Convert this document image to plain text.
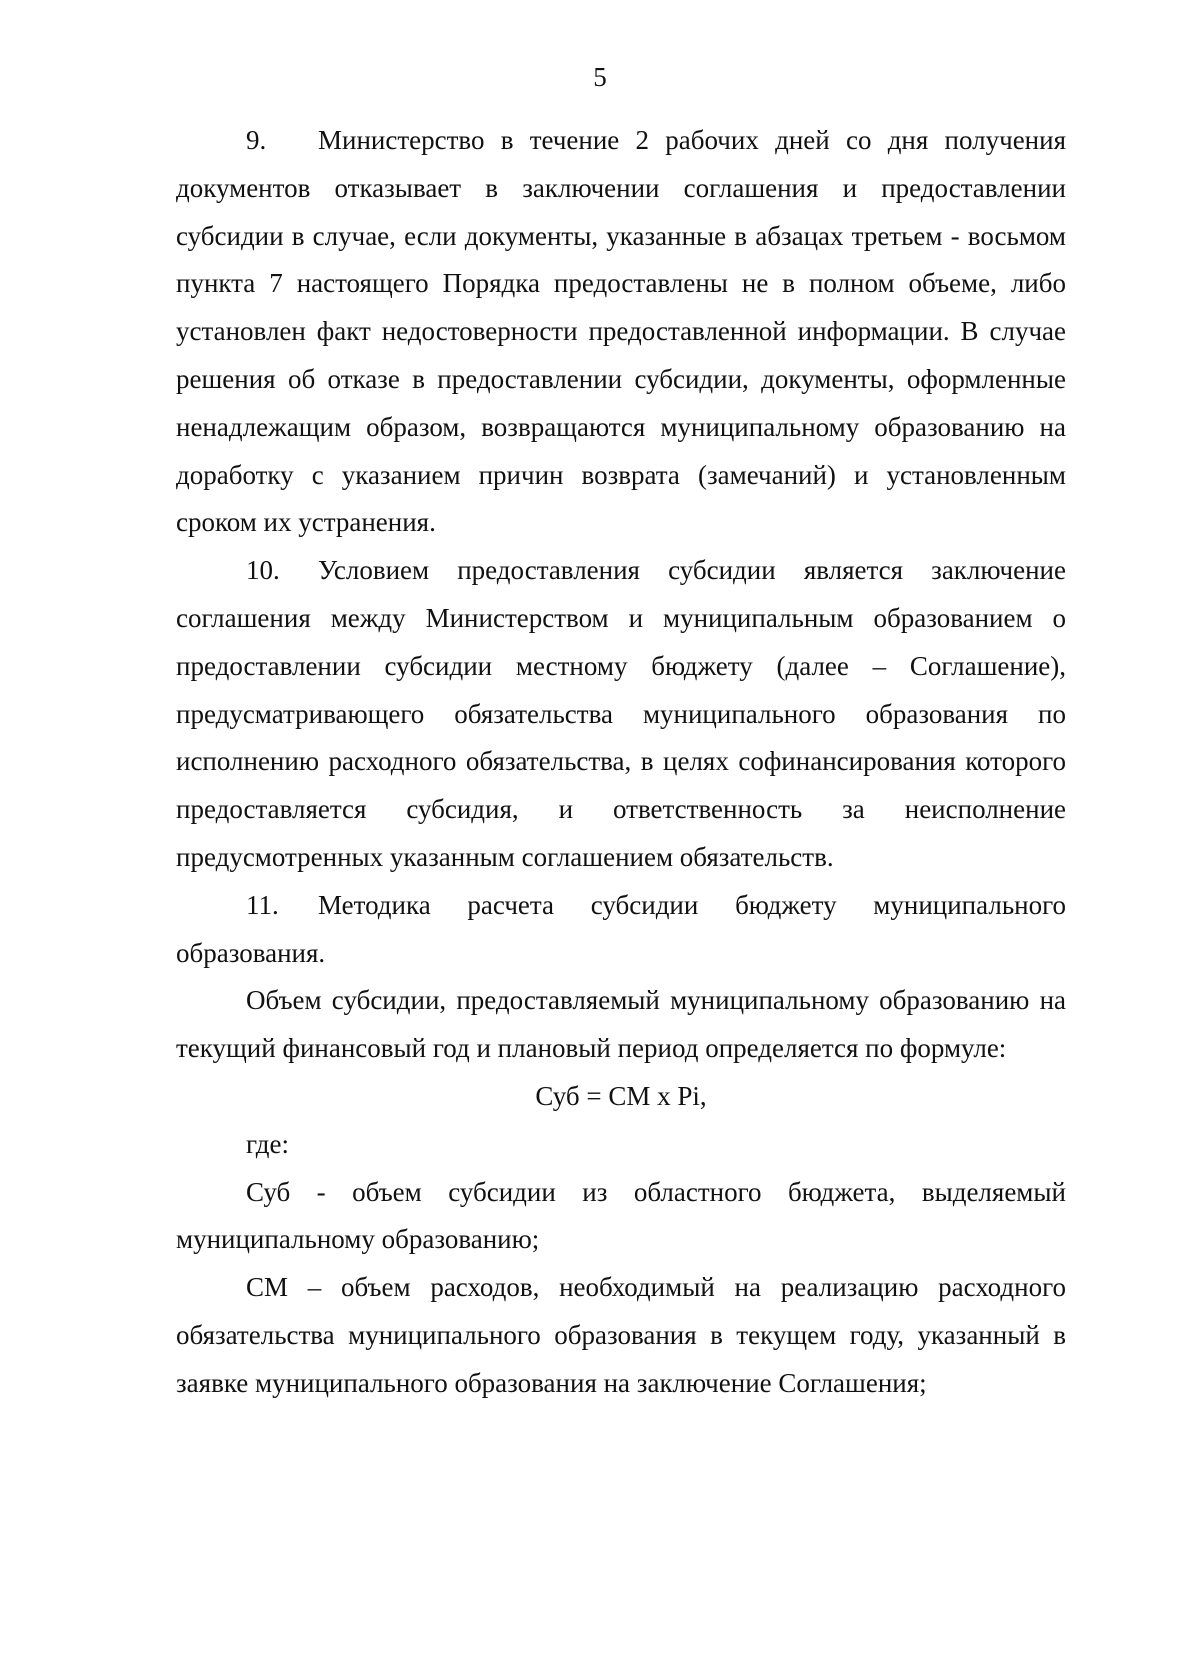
5

9. Министерство в течение 2 рабочих дней со дня получения документов отказывает в заключении соглашения и предоставлении субсидии в случае, если документы, указанные в абзацах третьем - восьмом пункта 7 настоящего Порядка предоставлены не в полном объеме, либо установлен факт недостоверности предоставленной информации. В случае решения об отказе в предоставлении субсидии, документы, оформленные ненадлежащим образом, возвращаются муниципальному образованию на доработку с указанием причин возврата (замечаний) и установленным сроком их устранения.

10. Условием предоставления субсидии является заключение соглашения между Министерством и муниципальным образованием о предоставлении субсидии местному бюджету (далее – Соглашение), предусматривающего обязательства муниципального образования по исполнению расходного обязательства, в целях софинансирования которого предоставляется субсидия, и ответственность за неисполнение предусмотренных указанным соглашением обязательств.

11. Методика расчета субсидии бюджету муниципального образования.

Объем субсидии, предоставляемый муниципальному образованию на текущий финансовый год и плановый период определяется по формуле:

Суб = СМ х Pi,

где:

Суб - объем субсидии из областного бюджета, выделяемый муниципальному образованию;

СМ – объем расходов, необходимый на реализацию расходного обязательства муниципального образования в текущем году, указанный в заявке муниципального образования на заключение Соглашения;
